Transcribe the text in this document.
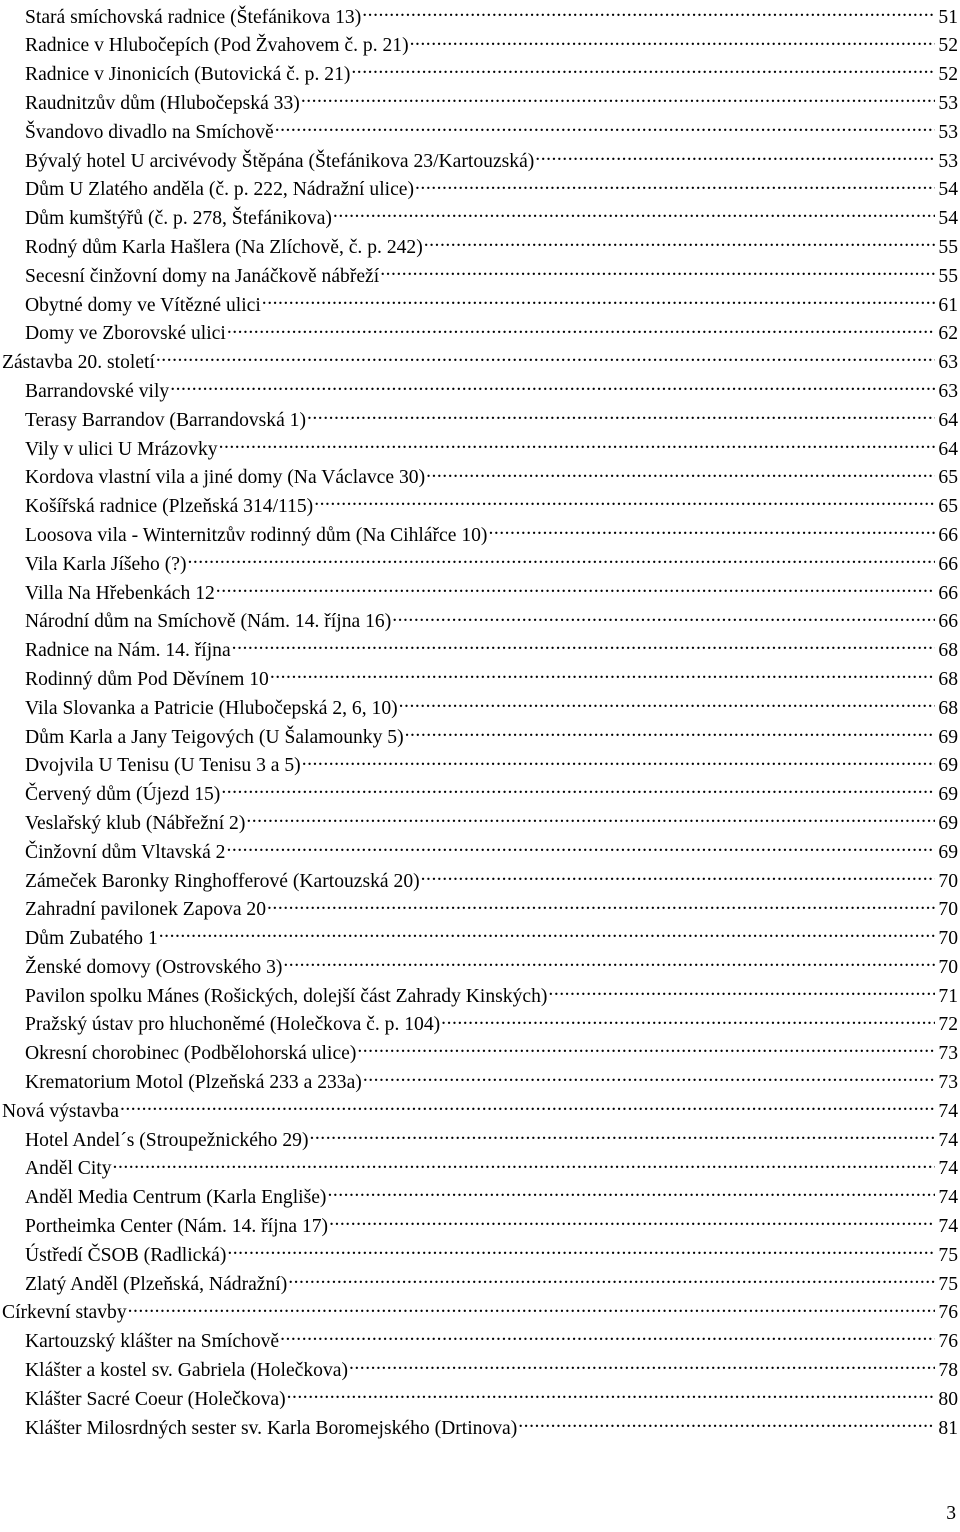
Stará smíchovská radnice (Štefánikova 13) .....	51
Radnice v Hlubočepích (Pod Žvahovem č. p. 21) .....	52
Radnice v Jinonicích (Butovická č. p. 21) .....	52
Raudnitzův dům (Hlubočepská 33) .....	53
Švandovo divadlo na Smíchově .....	53
Bývalý hotel U arcivévody Štěpána (Štefánikova 23/Kartouzská) .....	53
Dům U Zlatého anděla (č. p. 222, Nádražní ulice) .....	54
Dům kumštýřů (č. p. 278, Štefánikova) .....	54
Rodný dům Karla Hašlera (Na Zlíchově, č. p. 242) .....	55
Secesní činžovní domy na Janáčkově nábřeží .....	55
Obytné domy ve Vítězné ulici .....	61
Domy ve Zborovské ulici .....	62
Zástavba 20. století .....	63
Barrandovské vily .....	63
Terasy Barrandov (Barrandovská 1) .....	64
Vily v ulici U Mrázovky .....	64
Kordova vlastní vila a jiné domy (Na Václavce 30) .....	65
Košířská radnice (Plzeňská 314/115) .....	65
Loosova vila - Winternitzův rodinný dům (Na Cihlářce 10) .....	66
Vila Karla Jíšeho (?) .....	66
Villa Na Hřebenkách 12 .....	66
Národní dům na Smíchově (Nám. 14. října 16) .....	66
Radnice na Nám. 14. října .....	68
Rodinný dům Pod Děvínem 10 .....	68
Vila Slovanka a Patricie (Hlubočepská 2, 6, 10) .....	68
Dům Karla a Jany Teigových (U Šalamounky 5) .....	69
Dvojvila U Tenisu (U Tenisu 3 a 5) .....	69
Červený dům (Újezd 15) .....	69
Veslařský klub (Nábřežní 2) .....	69
Činžovní dům Vltavská 2 .....	69
Zámeček Baronky Ringhofferové (Kartouzská 20) .....	70
Zahradní pavilonek Zapova 20 .....	70
Dům Zubatého 1 .....	70
Ženské domovy (Ostrovského 3) .....	70
Pavilon spolku Mánes (Rošických, dolejší část Zahrady Kinských) .....	71
Pražský ústav pro hluchoněmé (Holečkova č. p. 104) .....	72
Okresní chorobinec (Podbělohorská ulice) .....	73
Krematorium Motol (Plzeňská 233 a 233a) .....	73
Nová výstavba .....	74
Hotel Andel´s (Stroupežnického 29) .....	74
Anděl City .....	74
Anděl Media Centrum (Karla Engliše) .....	74
Portheimka Center (Nám. 14. října 17) .....	74
Ústředí ČSOB (Radlická) .....	75
Zlatý Anděl (Plzeňská, Nádražní) .....	75
Církevní stavby .....	76
Kartouzský klášter na Smíchově .....	76
Klášter a kostel sv. Gabriela (Holečkova) .....	78
Klášter Sacré Coeur (Holečkova) .....	80
Klášter Milosrdných sester sv. Karla Boromejského (Drtinova) .....	81
3
